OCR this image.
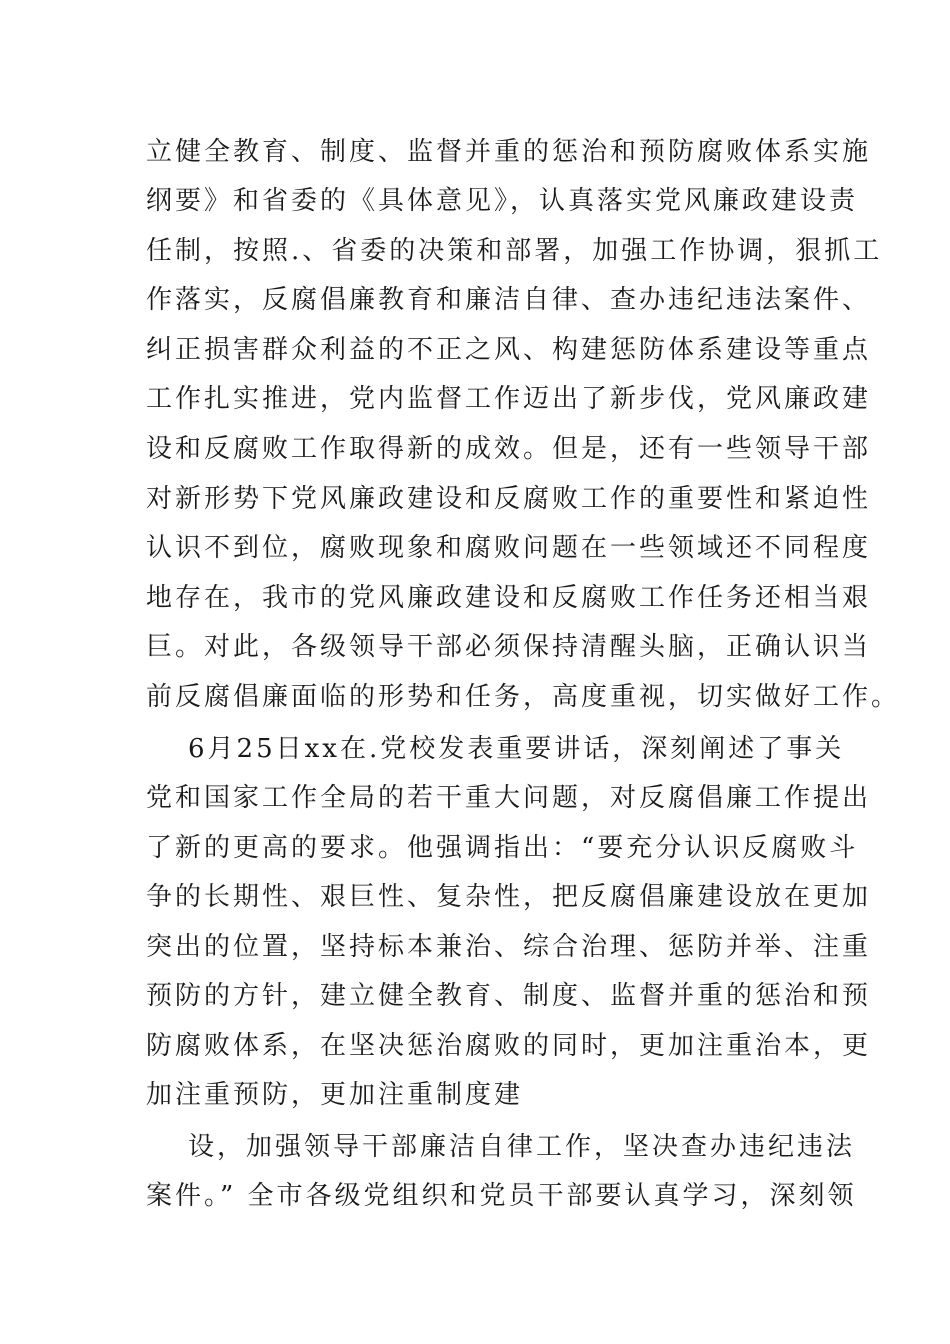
立健全教育、制度、监督并重的惩治和预防腐败体系实施
纲要》和省委的《具体意见》，认真落实党风廉政建设责
任制，按照.、省委的决策和部署，加强工作协调，狠抓工
作落实，反腐倡廉教育和廉洁自律、查办违纪违法案件、
纠正损害群众利益的不正之风、构建惩防体系建设等重点
工作扎实推进，党内监督工作迈出了新步伐，党风廉政建
设和反腐败工作取得新的成效。但是，还有一些领导干部
对新形势下党风廉政建设和反腐败工作的重要性和紧迫性
认识不到位，腐败现象和腐败问题在一些领域还不同程度
地存在，我市的党风廉政建设和反腐败工作任务还相当艰
巨。对此，各级领导干部必须保持清醒头脑，正确认识当
前反腐倡廉面临的形势和任务，高度重视，切实做好工作。
6月25日xx在.党校发表重要讲话，深刻阐述了事关
党和国家工作全局的若干重大问题，对反腐倡廉工作提出
了新的更高的要求。他强调指出：“要充分认识反腐败斗
争的长期性、艰巨性、复杂性，把反腐倡廉建设放在更加
突出的位置，坚持标本兼治、综合治理、惩防并举、注重
预防的方针，建立健全教育、制度、监督并重的惩治和预
防腐败体系，在坚决惩治腐败的同时，更加注重治本，更
加注重预防，更加注重制度建
设，加强领导干部廉洁自律工作，坚决查办违纪违法
案件。” 全市各级党组织和党员干部要认真学习，深刻领
